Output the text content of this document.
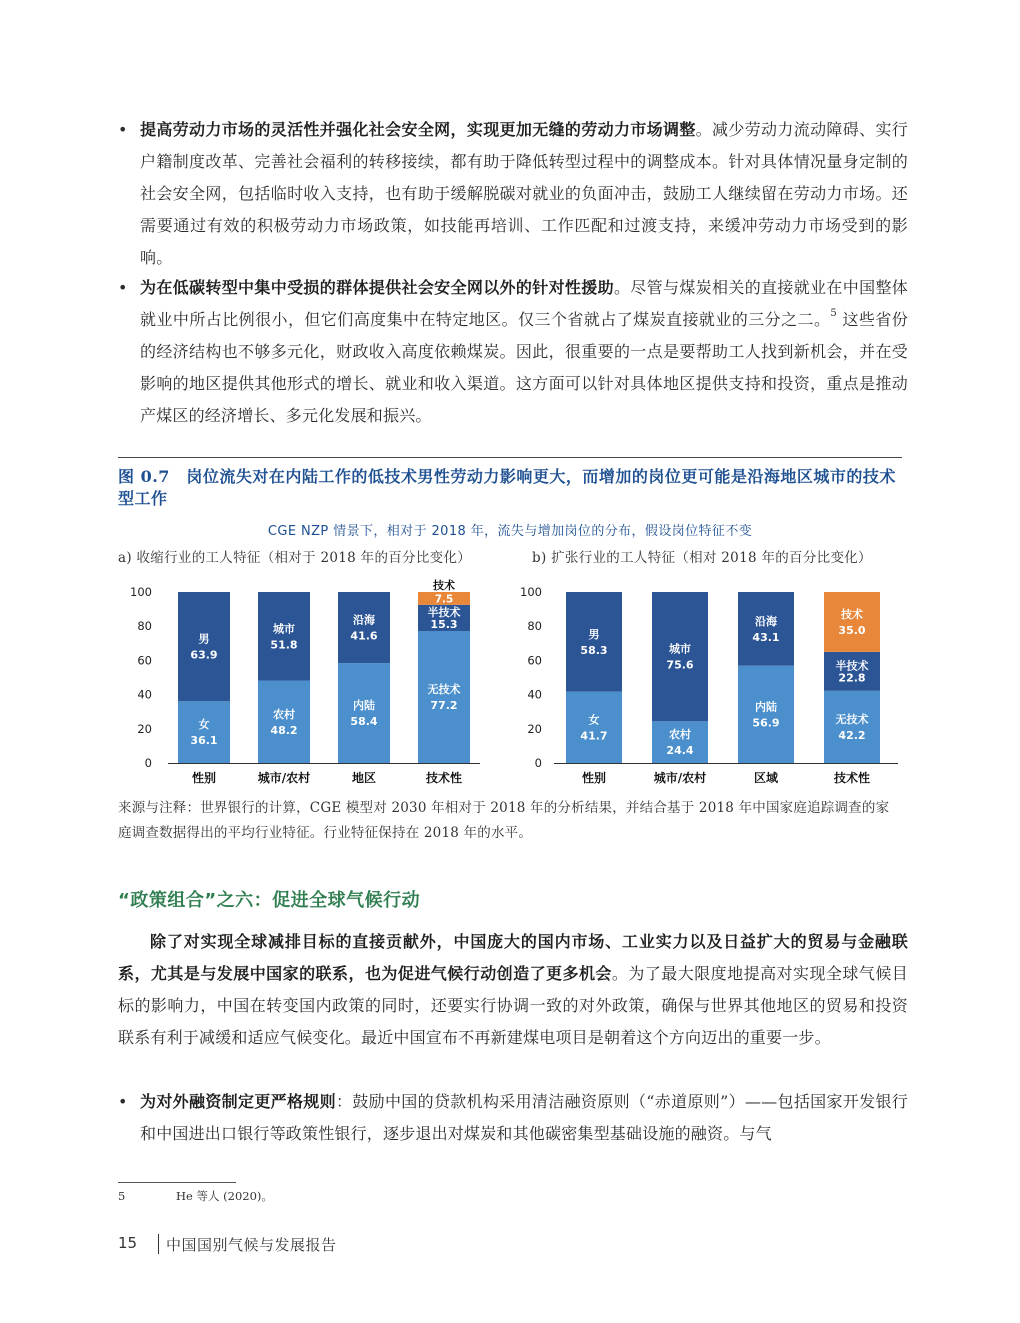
• 提高劳动力市场的灵活性并强化社会安全网，实现更加无缝的劳动力市场调整。减少劳动力流动障碍、实行户籍制度改革、完善社会福利的转移接续，都有助于降低转型过程中的调整成本。针对具体情况量身定制的社会安全网，包括临时收入支持，也有助于缓解脱碳对就业的负面冲击，鼓励工人继续留在劳动力市场。还需要通过有效的积极劳动力市场政策，如技能再培训、工作匹配和过渡支持，来缓冲劳动力市场受到的影响。
• 为在低碳转型中集中受损的群体提供社会安全网以外的针对性援助。尽管与煤炭相关的直接就业在中国整体就业中所占比例很小，但它们高度集中在特定地区。仅三个省就占了煤炭直接就业的三分之二。$^5$ 这些省份的经济结构也不够多元化，财政收入高度依赖煤炭。因此，很重要的一点是要帮助工人找到新机会，并在受影响的地区提供其他形式的增长、就业和收入渠道。这方面可以针对具体地区提供支持和投资，重点是推动产煤区的经济增长、多元化发展和振兴。
图 0.7　岗位流失对在内陆工作的低技术男性劳动力影响更大，而增加的岗位更可能是沿海地区城市的技术型工作
CGE NZP 情景下，相对于 2018 年，流失与增加岗位的分布，假设岗位特征不变
a) 收缩行业的工人特征（相对于 2018 年的百分比变化）	b) 扩张行业的工人特征（相对 2018 年的百分比变化）
0
20
40
60
80
100
女
36.1
男
63.9
性别
农村
48.2
城市
51.8
城市/农村
内陆
58.4
沿海
41.6
地区
无技术
77.2
半技术
15.3
技术
7.5
技术性
0
20
40
60
80
100
女
41.7
男
58.3
性别
农村
24.4
城市
75.6
城市/农村
内陆
56.9
沿海
43.1
区域
无技术
42.2
半技术
22.8
技术
35.0
技术性
来源与注释：世界银行的计算，CGE 模型对 2030 年相对于 2018 年的分析结果，并结合基于 2018 年中国家庭追踪调查的家庭调查数据得出的平均行业特征。行业特征保持在 2018 年的水平。
“政策组合”之六：促进全球气候行动
除了对实现全球减排目标的直接贡献外，中国庞大的国内市场、工业实力以及日益扩大的贸易与金融联系，尤其是与发展中国家的联系，也为促进气候行动创造了更多机会。为了最大限度地提高对实现全球气候目标的影响力，中国在转变国内政策的同时，还要实行协调一致的对外政策，确保与世界其他地区的贸易和投资联系有利于减缓和适应气候变化。最近中国宣布不再新建煤电项目是朝着这个方向迈出的重要一步。
• 为对外融资制定更严格规则：鼓励中国的贷款机构采用清洁融资原则（“赤道原则”）——包括国家开发银行和中国进出口银行等政策性银行，逐步退出对煤炭和其他碳密集型基础设施的融资。与气
5	He 等人 (2020)。
15 中国国别气候与发展报告
